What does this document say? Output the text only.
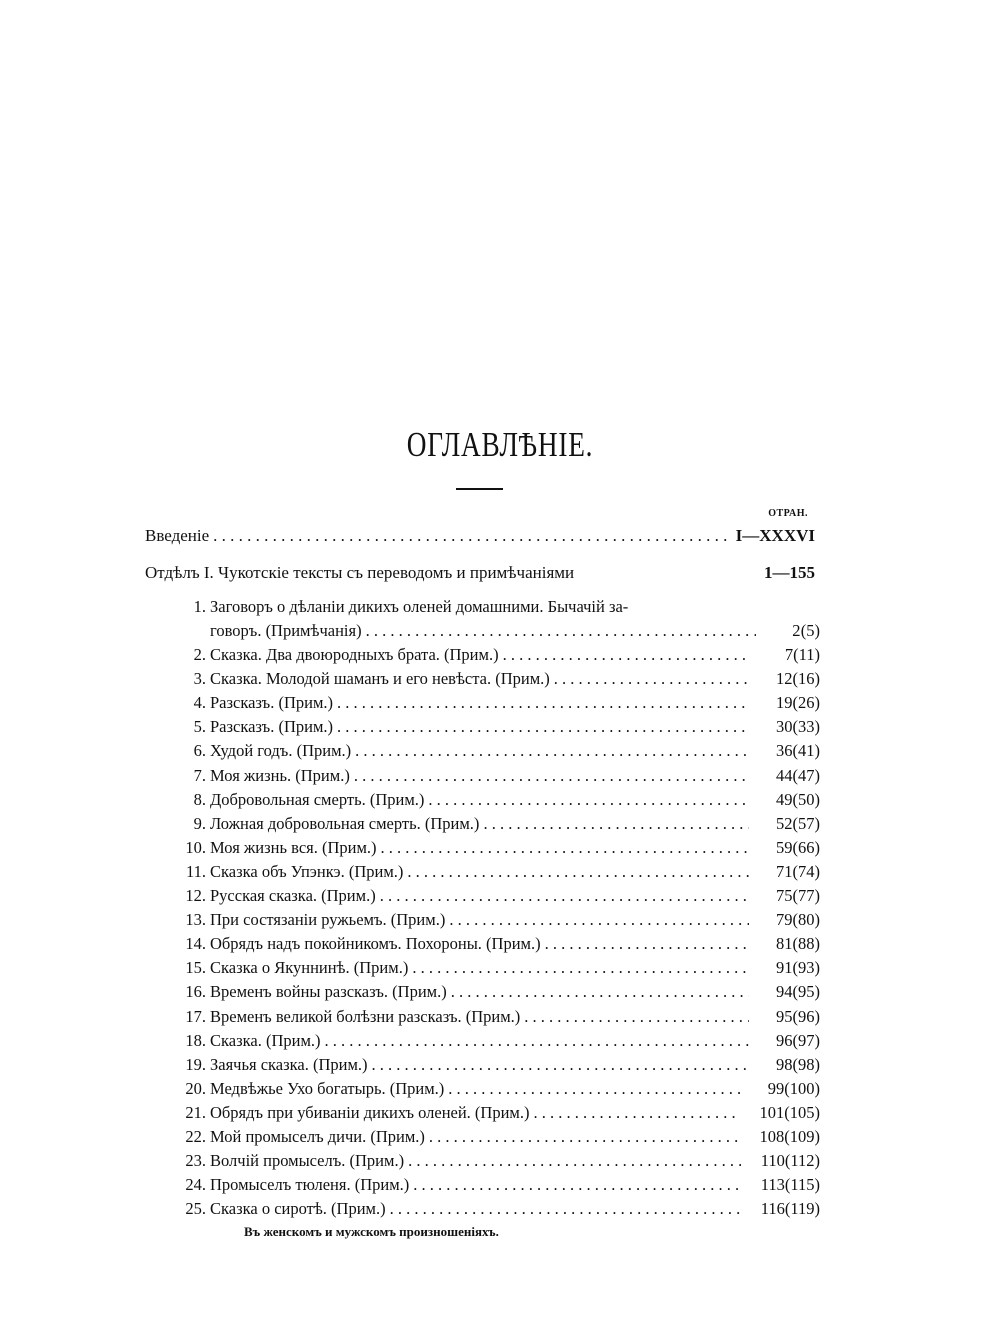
ОГЛАВЛѢНІЕ.
ОТРАН.
Введеніе . . .	I—XXXVI
Отдѣлъ I. Чукотскіе тексты съ переводомъ и примѣчаніями	1—155
1. Заговоръ о дѣланіи дикихъ оленей домашними. Бычачій за-
говоръ. (Примѣчанія) . . .	2 (5)
2. Сказка. Два двоюродныхъ брата. (Прим.) . . .	7 (11)
3. Сказка. Молодой шаманъ и его невѣста. (Прим.) . . .	12 (16)
4. Разсказъ. (Прим.) . . .	19 (26)
5. Разсказъ. (Прим.) . . .	30 (33)
6. Худой годъ. (Прим.) . . .	36 (41)
7. Моя жизнь. (Прим.) . . .	44 (47)
8. Добровольная смерть. (Прим.) . . .	49 (50)
9. Ложная добровольная смерть. (Прим.) . . .	52 (57)
10. Моя жизнь вся. (Прим.) . . .	59 (66)
11. Сказка объ Упэнкэ. (Прим.) . . .	71 (74)
12. Русская сказка. (Прим.) . . .	75 (77)
13. При состязаніи ружьемъ. (Прим.) . . .	79 (80)
14. Обрядъ надъ покойникомъ. Похороны. (Прим.) . . .	81 (88)
15. Сказка о Якуннинѣ. (Прим.) . . .	91 (93)
16. Временъ войны разсказъ. (Прим.) . . .	94 (95)
17. Временъ великой болѣзни разсказъ. (Прим.) . . .	95 (96)
18. Сказка. (Прим.) . . .	96 (97)
19. Заячья сказка. (Прим.) . . .	98 (98)
20. Медвѣжье Ухо богатырь. (Прим.) . . .	99 (100)
21. Обрядъ при убиваніи дикихъ оленей. (Прим.) . . .	101 (105)
22. Мой промыселъ дичи. (Прим.) . . .	108 (109)
23. Волчій промыселъ. (Прим.) . . .	110 (112)
24. Промыселъ тюленя. (Прим.) . . .	113 (115)
25. Сказка о сиротѣ. (Прим.) . . .	116 (119)
Въ женскомъ и мужскомъ произношеніяхъ.
